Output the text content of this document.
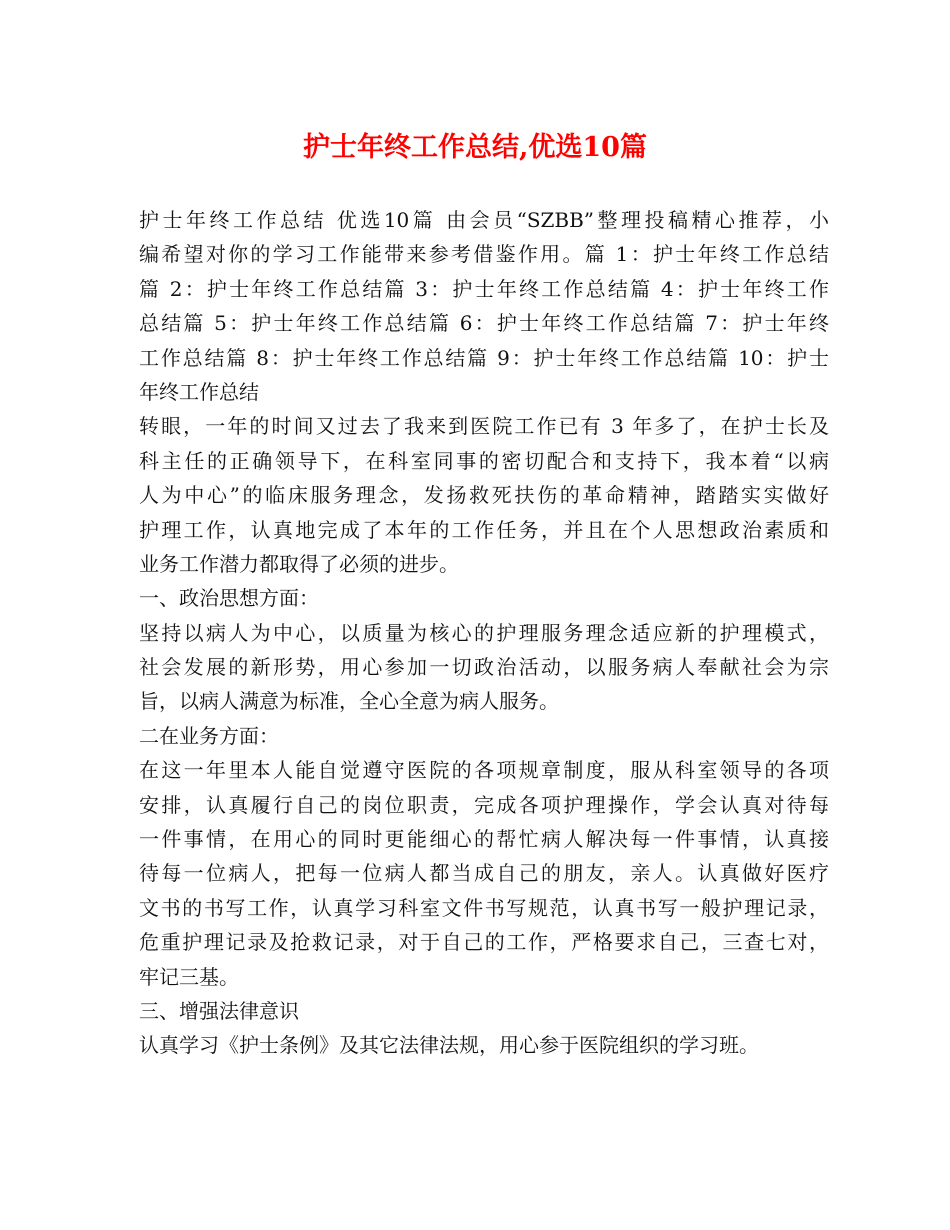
护士年终工作总结,优选10篇
护士年终工作总结 优选10篇 由会员“SZBB”整理投稿精心推荐，小
编希望对你的学习工作能带来参考借鉴作用。篇 1：护士年终工作总结
篇 2：护士年终工作总结篇 3：护士年终工作总结篇 4：护士年终工作
总结篇 5：护士年终工作总结篇 6：护士年终工作总结篇 7：护士年终
工作总结篇 8：护士年终工作总结篇 9：护士年终工作总结篇 10：护士
年终工作总结
转眼，一年的时间又过去了我来到医院工作已有 3 年多了，在护士长及
科主任的正确领导下，在科室同事的密切配合和支持下，我本着“以病
人为中心”的临床服务理念，发扬救死扶伤的革命精神，踏踏实实做好
护理工作，认真地完成了本年的工作任务，并且在个人思想政治素质和
业务工作潜力都取得了必须的进步。
一、政治思想方面：
坚持以病人为中心，以质量为核心的护理服务理念适应新的护理模式，
社会发展的新形势，用心参加一切政治活动，以服务病人奉献社会为宗
旨，以病人满意为标准，全心全意为病人服务。
二在业务方面：
在这一年里本人能自觉遵守医院的各项规章制度，服从科室领导的各项
安排，认真履行自己的岗位职责，完成各项护理操作，学会认真对待每
一件事情，在用心的同时更能细心的帮忙病人解决每一件事情，认真接
待每一位病人，把每一位病人都当成自己的朋友，亲人。认真做好医疗
文书的书写工作，认真学习科室文件书写规范，认真书写一般护理记录，
危重护理记录及抢救记录，对于自己的工作，严格要求自己，三查七对，
牢记三基。
三、增强法律意识
认真学习《护士条例》及其它法律法规，用心参于医院组织的学习班。
